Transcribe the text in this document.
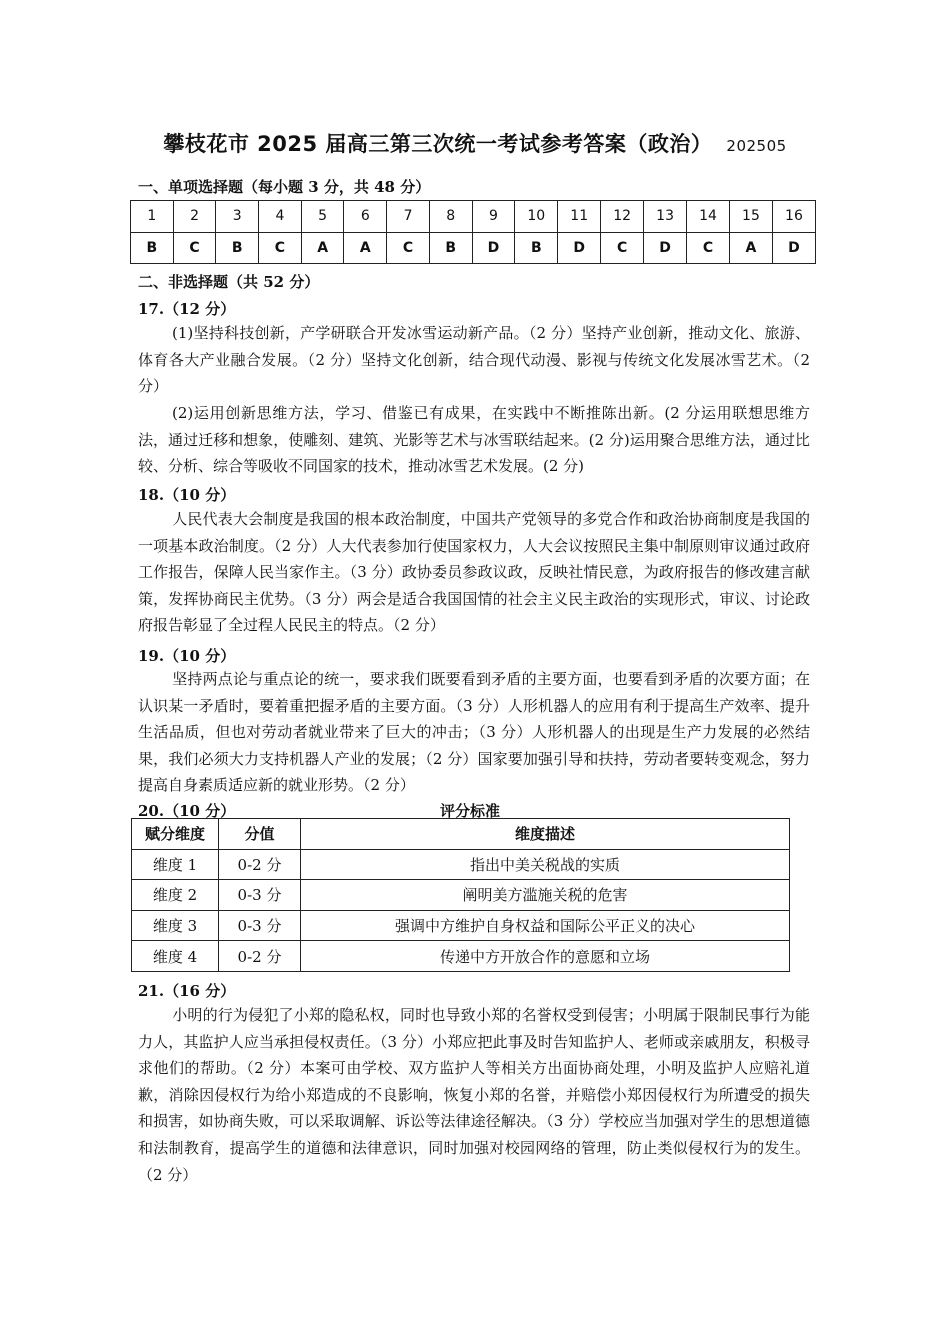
攀枝花市 2025 届高三第三次统一考试参考答案（政治） 202505
一、单项选择题（每小题 3 分，共 48 分）
1	2	3	4	5	6	7	8	9	10	11	12	13	14	15	16
B	C	B	C	A	A	C	B	D	B	D	C	D	C	A	D
二、非选择题（共 52 分）
17.（12 分）
(1)坚持科技创新，产学研联合开发冰雪运动新产品。（2 分）坚持产业创新，推动文化、旅游、体育各大产业融合发展。（2 分）坚持文化创新，结合现代动漫、影视与传统文化发展冰雪艺术。（2 分）
(2)运用创新思维方法，学习、借鉴已有成果，在实践中不断推陈出新。(2 分运用联想思维方法，通过迁移和想象，使雕刻、建筑、光影等艺术与冰雪联结起来。(2 分)运用聚合思维方法，通过比较、分析、综合等吸收不同国家的技术，推动冰雪艺术发展。(2 分)
18.（10 分）
人民代表大会制度是我国的根本政治制度，中国共产党领导的多党合作和政治协商制度是我国的一项基本政治制度。（2 分）人大代表参加行使国家权力，人大会议按照民主集中制原则审议通过政府工作报告，保障人民当家作主。（3 分）政协委员参政议政，反映社情民意，为政府报告的修改建言献策，发挥协商民主优势。（3 分）两会是适合我国国情的社会主义民主政治的实现形式，审议、讨论政府报告彰显了全过程人民民主的特点。（2 分）
19.（10 分）
坚持两点论与重点论的统一，要求我们既要看到矛盾的主要方面，也要看到矛盾的次要方面；在认识某一矛盾时，要着重把握矛盾的主要方面。（3 分）人形机器人的应用有利于提高生产效率、提升生活品质，但也对劳动者就业带来了巨大的冲击；（3 分）人形机器人的出现是生产力发展的必然结果，我们必须大力支持机器人产业的发展；（2 分）国家要加强引导和扶持，劳动者要转变观念，努力提高自身素质适应新的就业形势。（2 分）
20.（10 分）	评分标准
赋分维度	分值	维度描述
维度 1	0-2 分	指出中美关税战的实质
维度 2	0-3 分	阐明美方滥施关税的危害
维度 3	0-3 分	强调中方维护自身权益和国际公平正义的决心
维度 4	0-2 分	传递中方开放合作的意愿和立场
21.（16 分）
小明的行为侵犯了小郑的隐私权，同时也导致小郑的名誉权受到侵害；小明属于限制民事行为能力人，其监护人应当承担侵权责任。（3 分）小郑应把此事及时告知监护人、老师或亲戚朋友，积极寻求他们的帮助。（2 分）本案可由学校、双方监护人等相关方出面协商处理，小明及监护人应赔礼道歉，消除因侵权行为给小郑造成的不良影响，恢复小郑的名誉，并赔偿小郑因侵权行为所遭受的损失和损害，如协商失败，可以采取调解、诉讼等法律途径解决。（3 分）学校应当加强对学生的思想道德和法制教育，提高学生的道德和法律意识，同时加强对校园网络的管理，防止类似侵权行为的发生。（2 分）
